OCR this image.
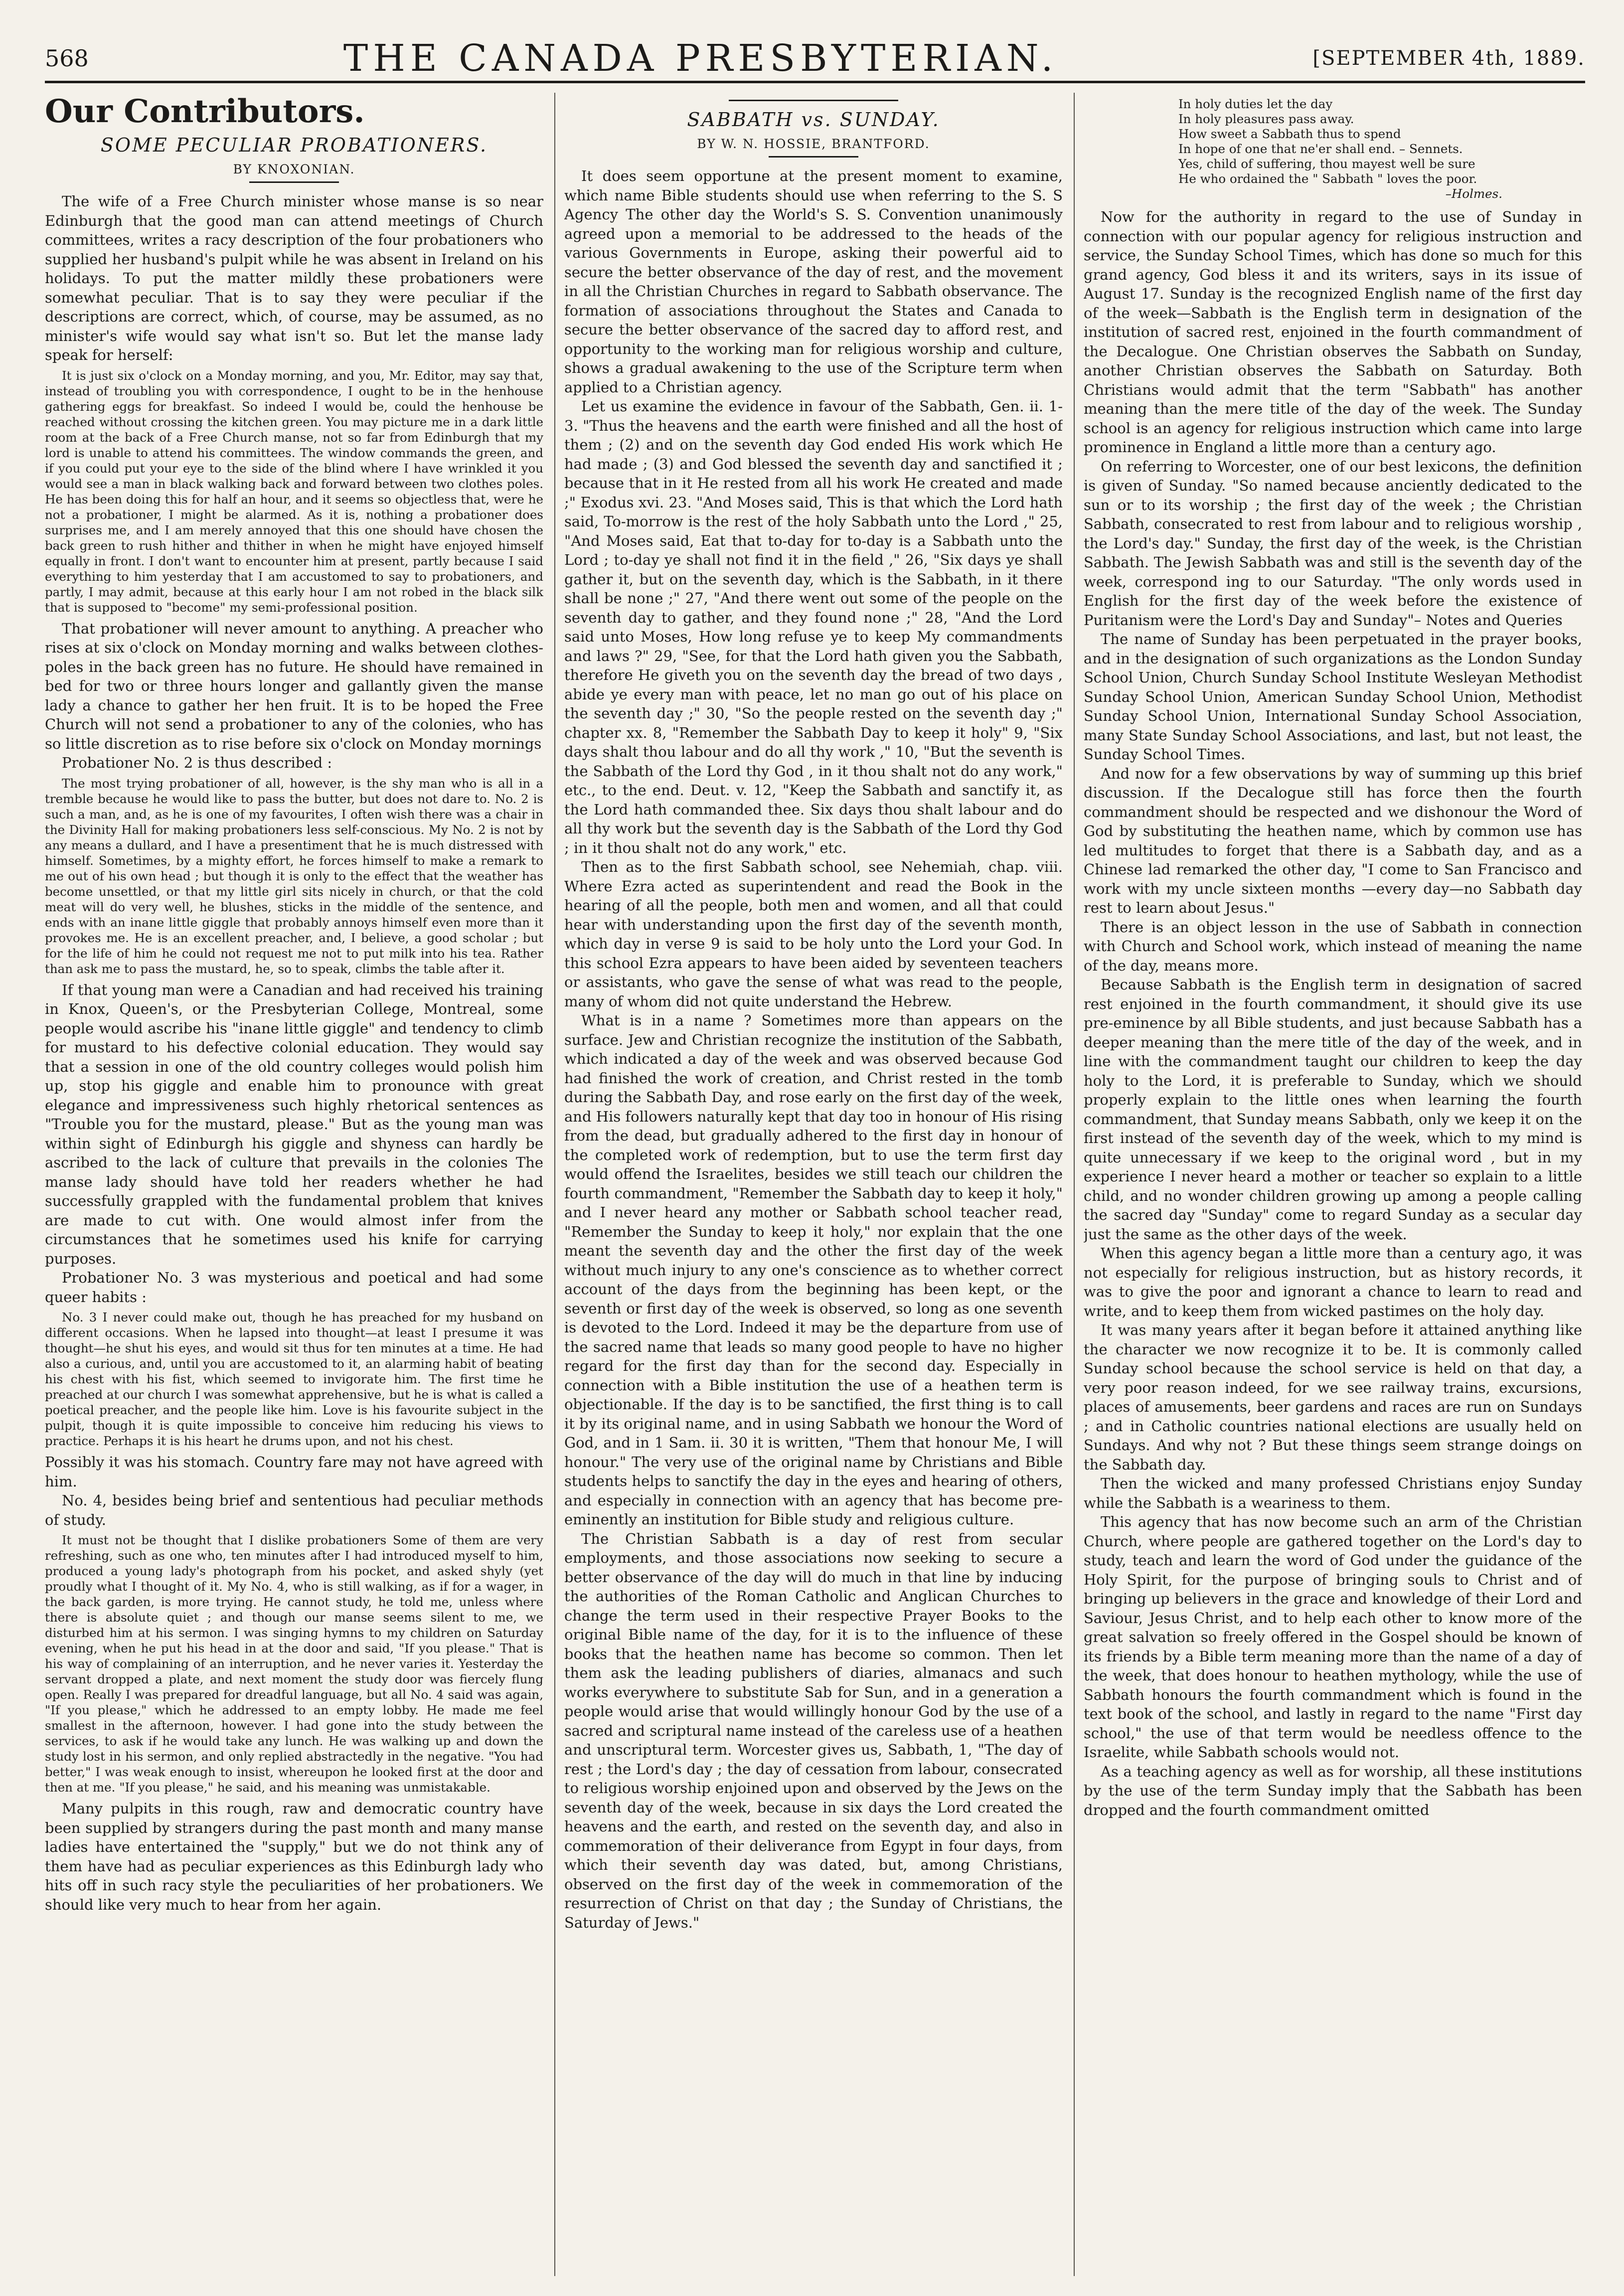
568	THE CANADA PRESBYTERIAN.	[SEPTEMBER 4th, 1889.
Our Contributors.
SOME PECULIAR PROBATIONERS.
BY KNOXONIAN.

The wife of a Free Church minister whose manse is so near Edinburgh that the good man can attend meetings of Church committees, writes a racy description of the four probationers who supplied her husband's pulpit while he was absent in Ireland on his holidays. To put the matter mildly these probationers were somewhat peculiar. That is to say they were peculiar if the descriptions are correct, which, of course, may be assumed, as no minister's wife would say what isn't so. But let the manse lady speak for herself:

It is just six o'clock on a Monday morning, and you, Mr. Editor, may say that, instead of troubling you with correspondence, I ought to be in the henhouse gathering eggs for breakfast. So indeed I would be, could the henhouse be reached without crossing the kitchen green. You may picture me in a dark little room at the back of a Free Church manse, not so far from Edinburgh that my lord is unable to attend his committees. The window commands the green, and if you could put your eye to the side of the blind where I have wrinkled it you would see a man in black walking back and forward between two clothes poles. He has been doing this for half an hour, and it seems so objectless that, were he not a probationer, I might be alarmed. As it is, nothing a probationer does surprises me, and I am merely annoyed that this one should have chosen the back green to rush hither and thither in when he might have enjoyed himself equally in front. I don't want to encounter him at present, partly because I said everything to him yesterday that I am accustomed to say to probationers, and partly, I may admit, because at this early hour I am not robed in the black silk that is supposed to "become" my semi-professional position.

That probationer will never amount to anything. A preacher who rises at six o'clock on Monday morning and walks between clothes-poles in the back green has no future. He should have remained in bed for two or three hours longer and gallantly given the manse lady a chance to gather her hen fruit. It is to be hoped the Free Church will not send a probationer to any of the colonies, who has so little discretion as to rise before six o'clock on Monday mornings

Probationer No. 2 is thus described :

The most trying probationer of all, however, is the shy man who is all in a tremble because he would like to pass the butter, but does not dare to. No. 2 is such a man, and, as he is one of my favourites, I often wish there was a chair in the Divinity Hall for making probationers less self-conscious. My No. 2 is not by any means a dullard, and I have a presentiment that he is much distressed with himself. Sometimes, by a mighty effort, he forces himself to make a remark to me out of his own head ; but though it is only to the effect that the weather has become unsettled, or that my little girl sits nicely in church, or that the cold meat will do very well, he blushes, sticks in the middle of the sentence, and ends with an inane little giggle that probably annoys himself even more than it provokes me. He is an excellent preacher, and, I believe, a good scholar ; but for the life of him he could not request me not to put milk into his tea. Rather than ask me to pass the mustard, he, so to speak, climbs the table after it.

If that young man were a Canadian and had received his training in Knox, Queen's, or the Presbyterian College, Montreal, some people would ascribe his "inane little giggle" and tendency to climb for mustard to his defective colonial education. They would say that a session in one of the old country colleges would polish him up, stop his giggle and enable him to pronounce with great elegance and impressiveness such highly rhetorical sentences as "Trouble you for the mustard, please." But as the young man was within sight of Edinburgh his giggle and shyness can hardly be ascribed to the lack of culture that prevails in the colonies The manse lady should have told her readers whether he had successfully grappled with the fundamental problem that knives are made to cut with. One would almost infer from the circumstances that he sometimes used his knife for carrying purposes.

Probationer No. 3 was mysterious and poetical and had some queer habits :

No. 3 I never could make out, though he has preached for my husband on different occasions. When he lapsed into thought—at least I presume it was thought—he shut his eyes, and would sit thus for ten minutes at a time. He had also a curious, and, until you are accustomed to it, an alarming habit of beating his chest with his fist, which seemed to invigorate him. The first time he preached at our church I was somewhat apprehensive, but he is what is called a poetical preacher, and the people like him. Love is his favourite subject in the pulpit, though it is quite impossible to conceive him reducing his views to practice. Perhaps it is his heart he drums upon, and not his chest.

Possibly it was his stomach. Country fare may not have agreed with him.

No. 4, besides being brief and sententious had peculiar methods of study.

It must not be thought that I dislike probationers Some of them are very refreshing, such as one who, ten minutes after I had introduced myself to him, produced a young lady's photograph from his pocket, and asked shyly (yet proudly what I thought of it. My No. 4, who is still walking, as if for a wager, in the back garden, is more trying. He cannot study, he told me, unless where there is absolute quiet ; and though our manse seems silent to me, we disturbed him at his sermon. I was singing hymns to my children on Saturday evening, when he put his head in at the door and said, "If you please." That is his way of complaining of an interruption, and he never varies it. Yesterday the servant dropped a plate, and next moment the study door was fiercely flung open. Really I was prepared for dreadful language, but all No. 4 said was again, "If you please," which he addressed to an empty lobby. He made me feel smallest in the afternoon, however. I had gone into the study between the services, to ask if he would take any lunch. He was walking up and down the study lost in his sermon, and only replied abstractedly in the negative. "You had better," I was weak enough to insist, whereupon he looked first at the door and then at me. "If you please," he said, and his meaning was unmistakable.

Many pulpits in this rough, raw and democratic country have been supplied by strangers during the past month and many manse ladies have entertained the "supply," but we do not think any of them have had as peculiar experiences as this Edinburgh lady who hits off in such racy style the peculiarities of her probationers. We should like very much to hear from her again.

SABBATH vs. SUNDAY.
BY W. N. HOSSIE, BRANTFORD.

It does seem opportune at the present moment to examine, which name Bible students should use when referring to the S. S Agency The other day the World's S. S. Convention unanimously agreed upon a memorial to be addressed to the heads of the various Governments in Europe, asking their powerful aid to secure the better observance of the day of rest, and the movement in all the Christian Churches in regard to Sabbath observance. The formation of associations throughout the States and Canada to secure the better observance of the sacred day to afford rest, and opportunity to the working man for religious worship and culture, shows a gradual awakening to the use of the Scripture term when applied to a Christian agency.

Let us examine the evidence in favour of the Sabbath, Gen. ii. 1-3. "Thus the heavens and the earth were finished and all the host of them ; (2) and on the seventh day God ended His work which He had made ; (3) and God blessed the seventh day and sanctified it ; because that in it He rested from all his work He created and made ;" Exodus xvi. 23. "And Moses said, This is that which the Lord hath said, To-morrow is the rest of the holy Sabbath unto the Lord ," 25, "And Moses said, Eat that to-day for to-day is a Sabbath unto the Lord ; to-day ye shall not find it in the field ," 26, "Six days ye shall gather it, but on the seventh day, which is the Sabbath, in it there shall be none ;" 27, "And there went out some of the people on the seventh day to gather, and they found none ;" 28, "And the Lord said unto Moses, How long refuse ye to keep My commandments and laws ?" 29, "See, for that the Lord hath given you the Sabbath, therefore He giveth you on the seventh day the bread of two days , abide ye every man with peace, let no man go out of his place on the seventh day ;" 30, "So the people rested on the seventh day ;" chapter xx. 8, "Remember the Sabbath Day to keep it holy" 9, "Six days shalt thou labour and do all thy work ," 10, "But the seventh is the Sabbath of the Lord thy God , in it thou shalt not do any work," etc., to the end. Deut. v. 12, "Keep the Sabbath and sanctify it, as the Lord hath commanded thee. Six days thou shalt labour and do all thy work but the seventh day is the Sabbath of the Lord thy God ; in it thou shalt not do any work," etc.

Then as to the first Sabbath school, see Nehemiah, chap. viii. Where Ezra acted as superintendent and read the Book in the hearing of all the people, both men and women, and all that could hear with understanding upon the first day of the seventh month, which day in verse 9 is said to be holy unto the Lord your God. In this school Ezra appears to have been aided by seventeen teachers or assistants, who gave the sense of what was read to the people, many of whom did not quite understand the Hebrew.

What is in a name ? Sometimes more than appears on the surface. Jew and Christian recognize the institution of the Sabbath, which indicated a day of the week and was observed because God had finished the work of creation, and Christ rested in the tomb during the Sabbath Day, and rose early on the first day of the week, and His followers naturally kept that day too in honour of His rising from the dead, but gradually adhered to the first day in honour of the completed work of redemption, but to use the term first day would offend the Israelites, besides we still teach our children the fourth commandment, "Remember the Sabbath day to keep it holy," and I never heard any mother or Sabbath school teacher read, "Remember the Sunday to keep it holy," nor explain that the one meant the seventh day and the other the first day of the week without much injury to any one's conscience as to whether correct account of the days from the beginning has been kept, or the seventh or first day of the week is observed, so long as one seventh is devoted to the Lord. Indeed it may be the departure from use of the sacred name that leads so many good people to have no higher regard for the first day than for the second day. Especially in connection with a Bible institution the use of a heathen term is objectionable. If the day is to be sanctified, the first thing is to call it by its original name, and in using Sabbath we honour the Word of God, and in 1 Sam. ii. 30 it is written, "Them that honour Me, I will honour." The very use of the original name by Christians and Bible students helps to sanctify the day in the eyes and hearing of others, and especially in connection with an agency that has become pre-eminently an institution for Bible study and religious culture.

The Christian Sabbath is a day of rest from secular employments, and those associations now seeking to secure a better observance of the day will do much in that line by inducing the authorities of the Roman Catholic and Anglican Churches to change the term used in their respective Prayer Books to the original Bible name of the day, for it is to the influence of these books that the heathen name has become so common. Then let them ask the leading publishers of diaries, almanacs and such works everywhere to substitute Sab for Sun, and in a generation a people would arise that would willingly honour God by the use of a sacred and scriptural name instead of the careless use of a heathen and unscriptural term. Worcester gives us, Sabbath, 1, "The day of rest ; the Lord's day ; the day of cessation from labour, consecrated to religious worship enjoined upon and observed by the Jews on the seventh day of the week, because in six days the Lord created the heavens and the earth, and rested on the seventh day, and also in commemoration of their deliverance from Egypt in four days, from which their seventh day was dated, but, among Christians, observed on the first day of the week in commemoration of the resurrection of Christ on that day ; the Sunday of Christians, the Saturday of Jews."

In holy duties let the day
In holy pleasures pass away.
How sweet a Sabbath thus to spend
In hope of one that ne'er shall end. – Sennets.
Yes, child of suffering, thou mayest well be sure
He who ordained the " Sabbath " loves the poor.
–Holmes.

Now for the authority in regard to the use of Sunday in connection with our popular agency for religious instruction and service, the Sunday School Times, which has done so much for this grand agency, God bless it and its writers, says in its issue of August 17. Sunday is the recognized English name of the first day of the week—Sabbath is the English term in designation of the institution of sacred rest, enjoined in the fourth commandment of the Decalogue. One Christian observes the Sabbath on Sunday, another Christian observes the Sabbath on Saturday. Both Christians would admit that the term "Sabbath" has another meaning than the mere title of the day of the week. The Sunday school is an agency for religious instruction which came into large prominence in England a little more than a century ago.

On referring to Worcester, one of our best lexicons, the definition is given of Sunday. "So named because anciently dedicated to the sun or to its worship ; the first day of the week ; the Christian Sabbath, consecrated to rest from labour and to religious worship , the Lord's day." Sunday, the first day of the week, is the Christian Sabbath. The Jewish Sabbath was and still is the seventh day of the week, correspond ing to our Saturday. "The only words used in English for the first day of the week before the existence of Puritanism were the Lord's Day and Sunday"– Notes and Queries

The name of Sunday has been perpetuated in the prayer books, and in the designation of such organizations as the London Sunday School Union, Church Sunday School Institute Wesleyan Methodist Sunday School Union, American Sunday School Union, Methodist Sunday School Union, International Sunday School Association, many State Sunday School Associations, and last, but not least, the Sunday School Times.

And now for a few observations by way of summing up this brief discussion. If the Decalogue still has force then the fourth commandment should be respected and we dishonour the Word of God by substituting the heathen name, which by common use has led multitudes to forget that there is a Sabbath day, and as a Chinese lad remarked the other day, "I come to San Francisco and work with my uncle sixteen months —every day—no Sabbath day rest to learn about Jesus."

There is an object lesson in the use of Sabbath in connection with Church and School work, which instead of meaning the name of the day, means more.

Because Sabbath is the English term in designation of sacred rest enjoined in the fourth commandment, it should give its use pre-eminence by all Bible students, and just because Sabbath has a deeper meaning than the mere title of the day of the week, and in line with the commandment taught our children to keep the day holy to the Lord, it is preferable to Sunday, which we should properly explain to the little ones when learning the fourth commandment, that Sunday means Sabbath, only we keep it on the first instead of the seventh day of the week, which to my mind is quite unnecessary if we keep to the original word , but in my experience I never heard a mother or teacher so explain to a little child, and no wonder children growing up among a people calling the sacred day "Sunday" come to regard Sunday as a secular day just the same as the other days of the week.

When this agency began a little more than a century ago, it was not especially for religious instruction, but as history records, it was to give the poor and ignorant a chance to learn to read and write, and to keep them from wicked pastimes on the holy day.

It was many years after it began before it attained anything like the character we now recognize it to be. It is commonly called Sunday school because the school service is held on that day, a very poor reason indeed, for we see railway trains, excursions, places of amusements, beer gardens and races are run on Sundays ; and in Catholic countries national elections are usually held on Sundays. And why not ? But these things seem strange doings on the Sabbath day.

Then the wicked and many professed Christians enjoy Sunday while the Sabbath is a weariness to them.

This agency that has now become such an arm of the Christian Church, where people are gathered together on the Lord's day to study, teach and learn the word of God under the guidance of the Holy Spirit, for the purpose of bringing souls to Christ and of bringing up believers in the grace and knowledge of their Lord and Saviour, Jesus Christ, and to help each other to know more of the great salvation so freely offered in the Gospel should be known of its friends by a Bible term meaning more than the name of a day of the week, that does honour to heathen mythology, while the use of Sabbath honours the fourth commandment which is found in the text book of the school, and lastly in regard to the name "First day school," the use of that term would be needless offence to the Israelite, while Sabbath schools would not.

As a teaching agency as well as for worship, all these institutions by the use of the term Sunday imply that the Sabbath has been dropped and the fourth commandment omitted
